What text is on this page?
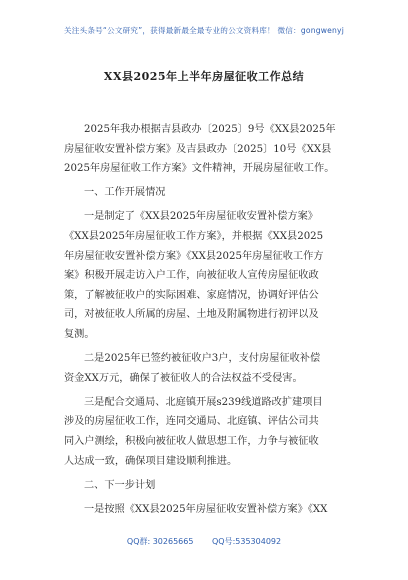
关注头条号“公文研究”，获得最新最全最专业的公文资料库！ 微信：gongwenyj
XX县2025年上半年房屋征收工作总结
2025年我办根据吉县政办〔2025〕9号《XX县2025年
房屋征收安置补偿方案》及吉县政办〔2025〕10号《XX县
2025年房屋征收工作方案》文件精神，开展房屋征收工作。
一、工作开展情况
一是制定了《XX县2025年房屋征收安置补偿方案》
《XX县2025年房屋征收工作方案》，并根据《XX县2025
年房屋征收安置补偿方案》《XX县2025年房屋征收工作方
案》积极开展走访入户工作，向被征收人宣传房屋征收政
策，了解被征收户的实际困难、家庭情况，协调好评估公
司，对被征收人所属的房屋、土地及附属物进行初评以及
复测。
二是2025年已签约被征收户3户，支付房屋征收补偿
资金XX万元，确保了被征收人的合法权益不受侵害。
三是配合交通局、北庭镇开展s239线道路改扩建项目
涉及的房屋征收工作，连同交通局、北庭镇、评估公司共
同入户测绘，积极向被征收人做思想工作，力争与被征收
人达成一致，确保项目建设顺利推进。
二、下一步计划
一是按照《XX县2025年房屋征收安置补偿方案》《XX
QQ群: 30265665 QQ号:535304092
